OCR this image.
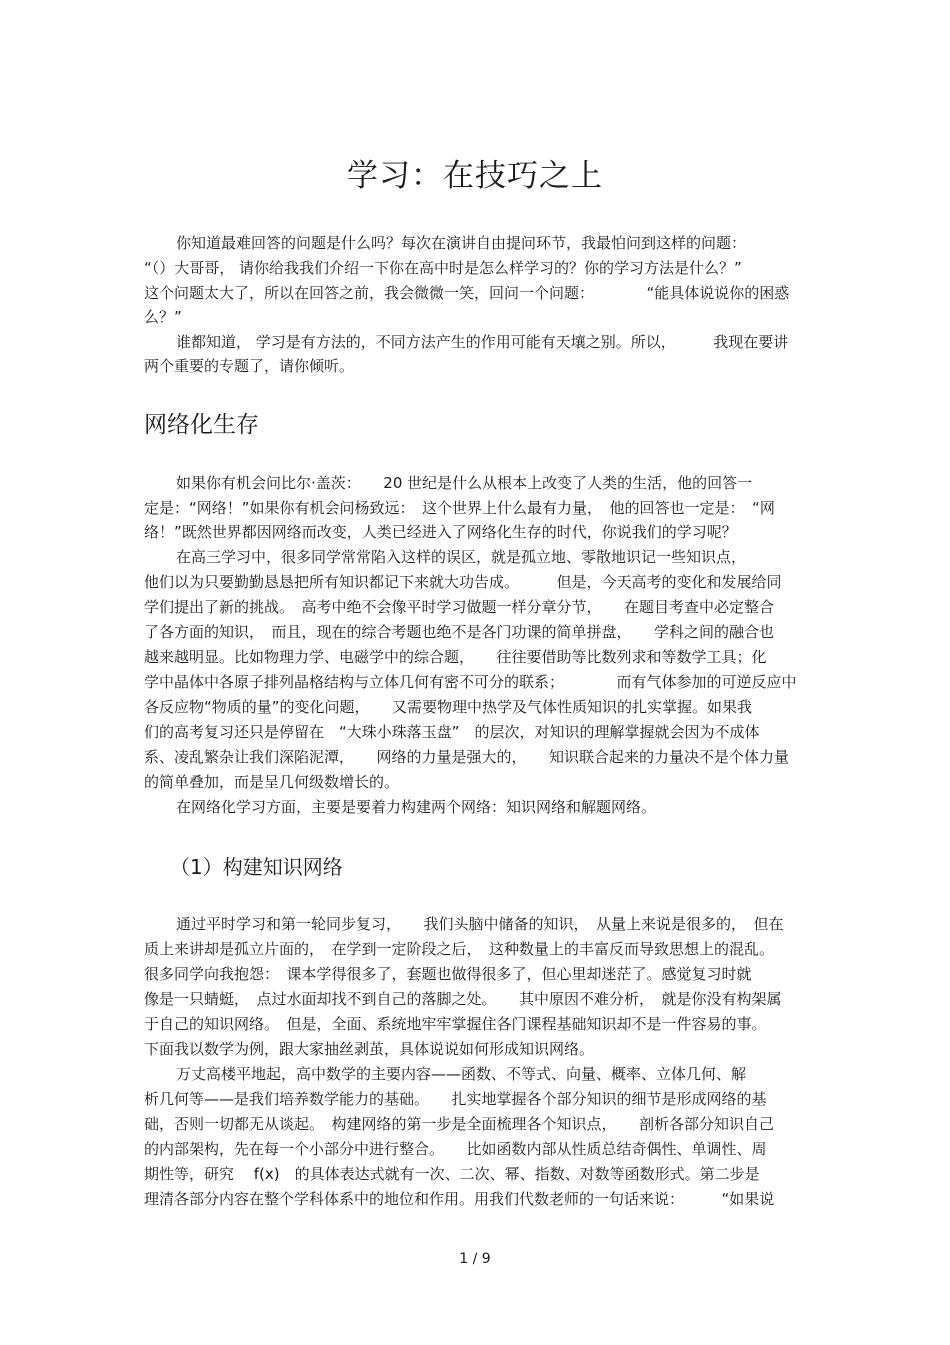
学习：在技巧之上
你知道最难回答的问题是什么吗？每次在演讲自由提问环节，我最怕问到这样的问题：
“（）大哥哥， 请你给我我们介绍一下你在高中时是怎么样学习的？你的学习方法是什么？”
这个问题太大了，所以在回答之前，我会微微一笑，回问一个问题：　　　　“能具体说说你的困惑
么？”
谁都知道， 学习是有方法的，不同方法产生的作用可能有天壤之别。所以，　　　我现在要讲
两个重要的专题了，请你倾听。
网络化生存
如果你有机会问比尔·盖茨：　　20 世纪是什么从根本上改变了人类的生活，他的回答一
定是：“网络！”如果你有机会问杨致远：　这个世界上什么最有力量，　他的回答也一定是：　“网
络！”既然世界都因网络而改变，人类已经进入了网络化生存的时代，你说我们的学习呢？
在高三学习中，很多同学常常陷入这样的误区，就是孤立地、零散地识记一些知识点，
他们以为只要勤勤恳恳把所有知识都记下来就大功告成。　　　但是，今天高考的变化和发展给同
学们提出了新的挑战。　高考中绝不会像平时学习做题一样分章分节，　　在题目考查中必定整合
了各方面的知识，　而且，现在的综合考题也绝不是各门功课的简单拼盘，　　学科之间的融合也
越来越明显。比如物理力学、电磁学中的综合题，　　往往要借助等比数列求和等数学工具；化
学中晶体中各原子排列晶格结构与立体几何有密不可分的联系；　　　　而有气体参加的可逆反应中
各反应物“物质的量”的变化问题，　　又需要物理中热学及气体性质知识的扎实掌握。如果我
们的高考复习还只是停留在　“大珠小珠落玉盘”　的层次，对知识的理解掌握就会因为不成体
系、凌乱繁杂让我们深陷泥潭，　　网络的力量是强大的，　　知识联合起来的力量决不是个体力量
的简单叠加，而是呈几何级数增长的。
在网络化学习方面，主要是要着力构建两个网络：知识网络和解题网络。
（1）构建知识网络
通过平时学习和第一轮同步复习，　　我们头脑中储备的知识，　从量上来说是很多的，　但在
质上来讲却是孤立片面的，　在学到一定阶段之后，　这种数量上的丰富反而导致思想上的混乱。
很多同学向我抱怨：　课本学得很多了，套题也做得很多了，但心里却迷茫了。感觉复习时就
像是一只蜻蜓，　点过水面却找不到自己的落脚之处。　　其中原因不难分析，　就是你没有构架属
于自己的知识网络。　但是，全面、系统地牢牢掌握住各门课程基础知识却不是一件容易的事。
下面我以数学为例，跟大家抽丝剥茧，具体说说如何形成知识网络。
万丈高楼平地起，高中数学的主要内容——函数、不等式、向量、概率、立体几何、解
析几何等——是我们培养数学能力的基础。　　扎实地掌握各个部分知识的细节是形成网络的基
础，否则一切都无从谈起。　构建网络的第一步是全面梳理各个知识点，　　剖析各部分知识自己
的内部架构，先在每一个小部分中进行整合。　　比如函数内部从性质总结奇偶性、单调性、周
期性等，研究　 f(x)　的具体表达式就有一次、二次、幂、指数、对数等函数形式。第二步是
理清各部分内容在整个学科体系中的地位和作用。用我们代数老师的一句话来说：　　　“如果说
1 / 9
